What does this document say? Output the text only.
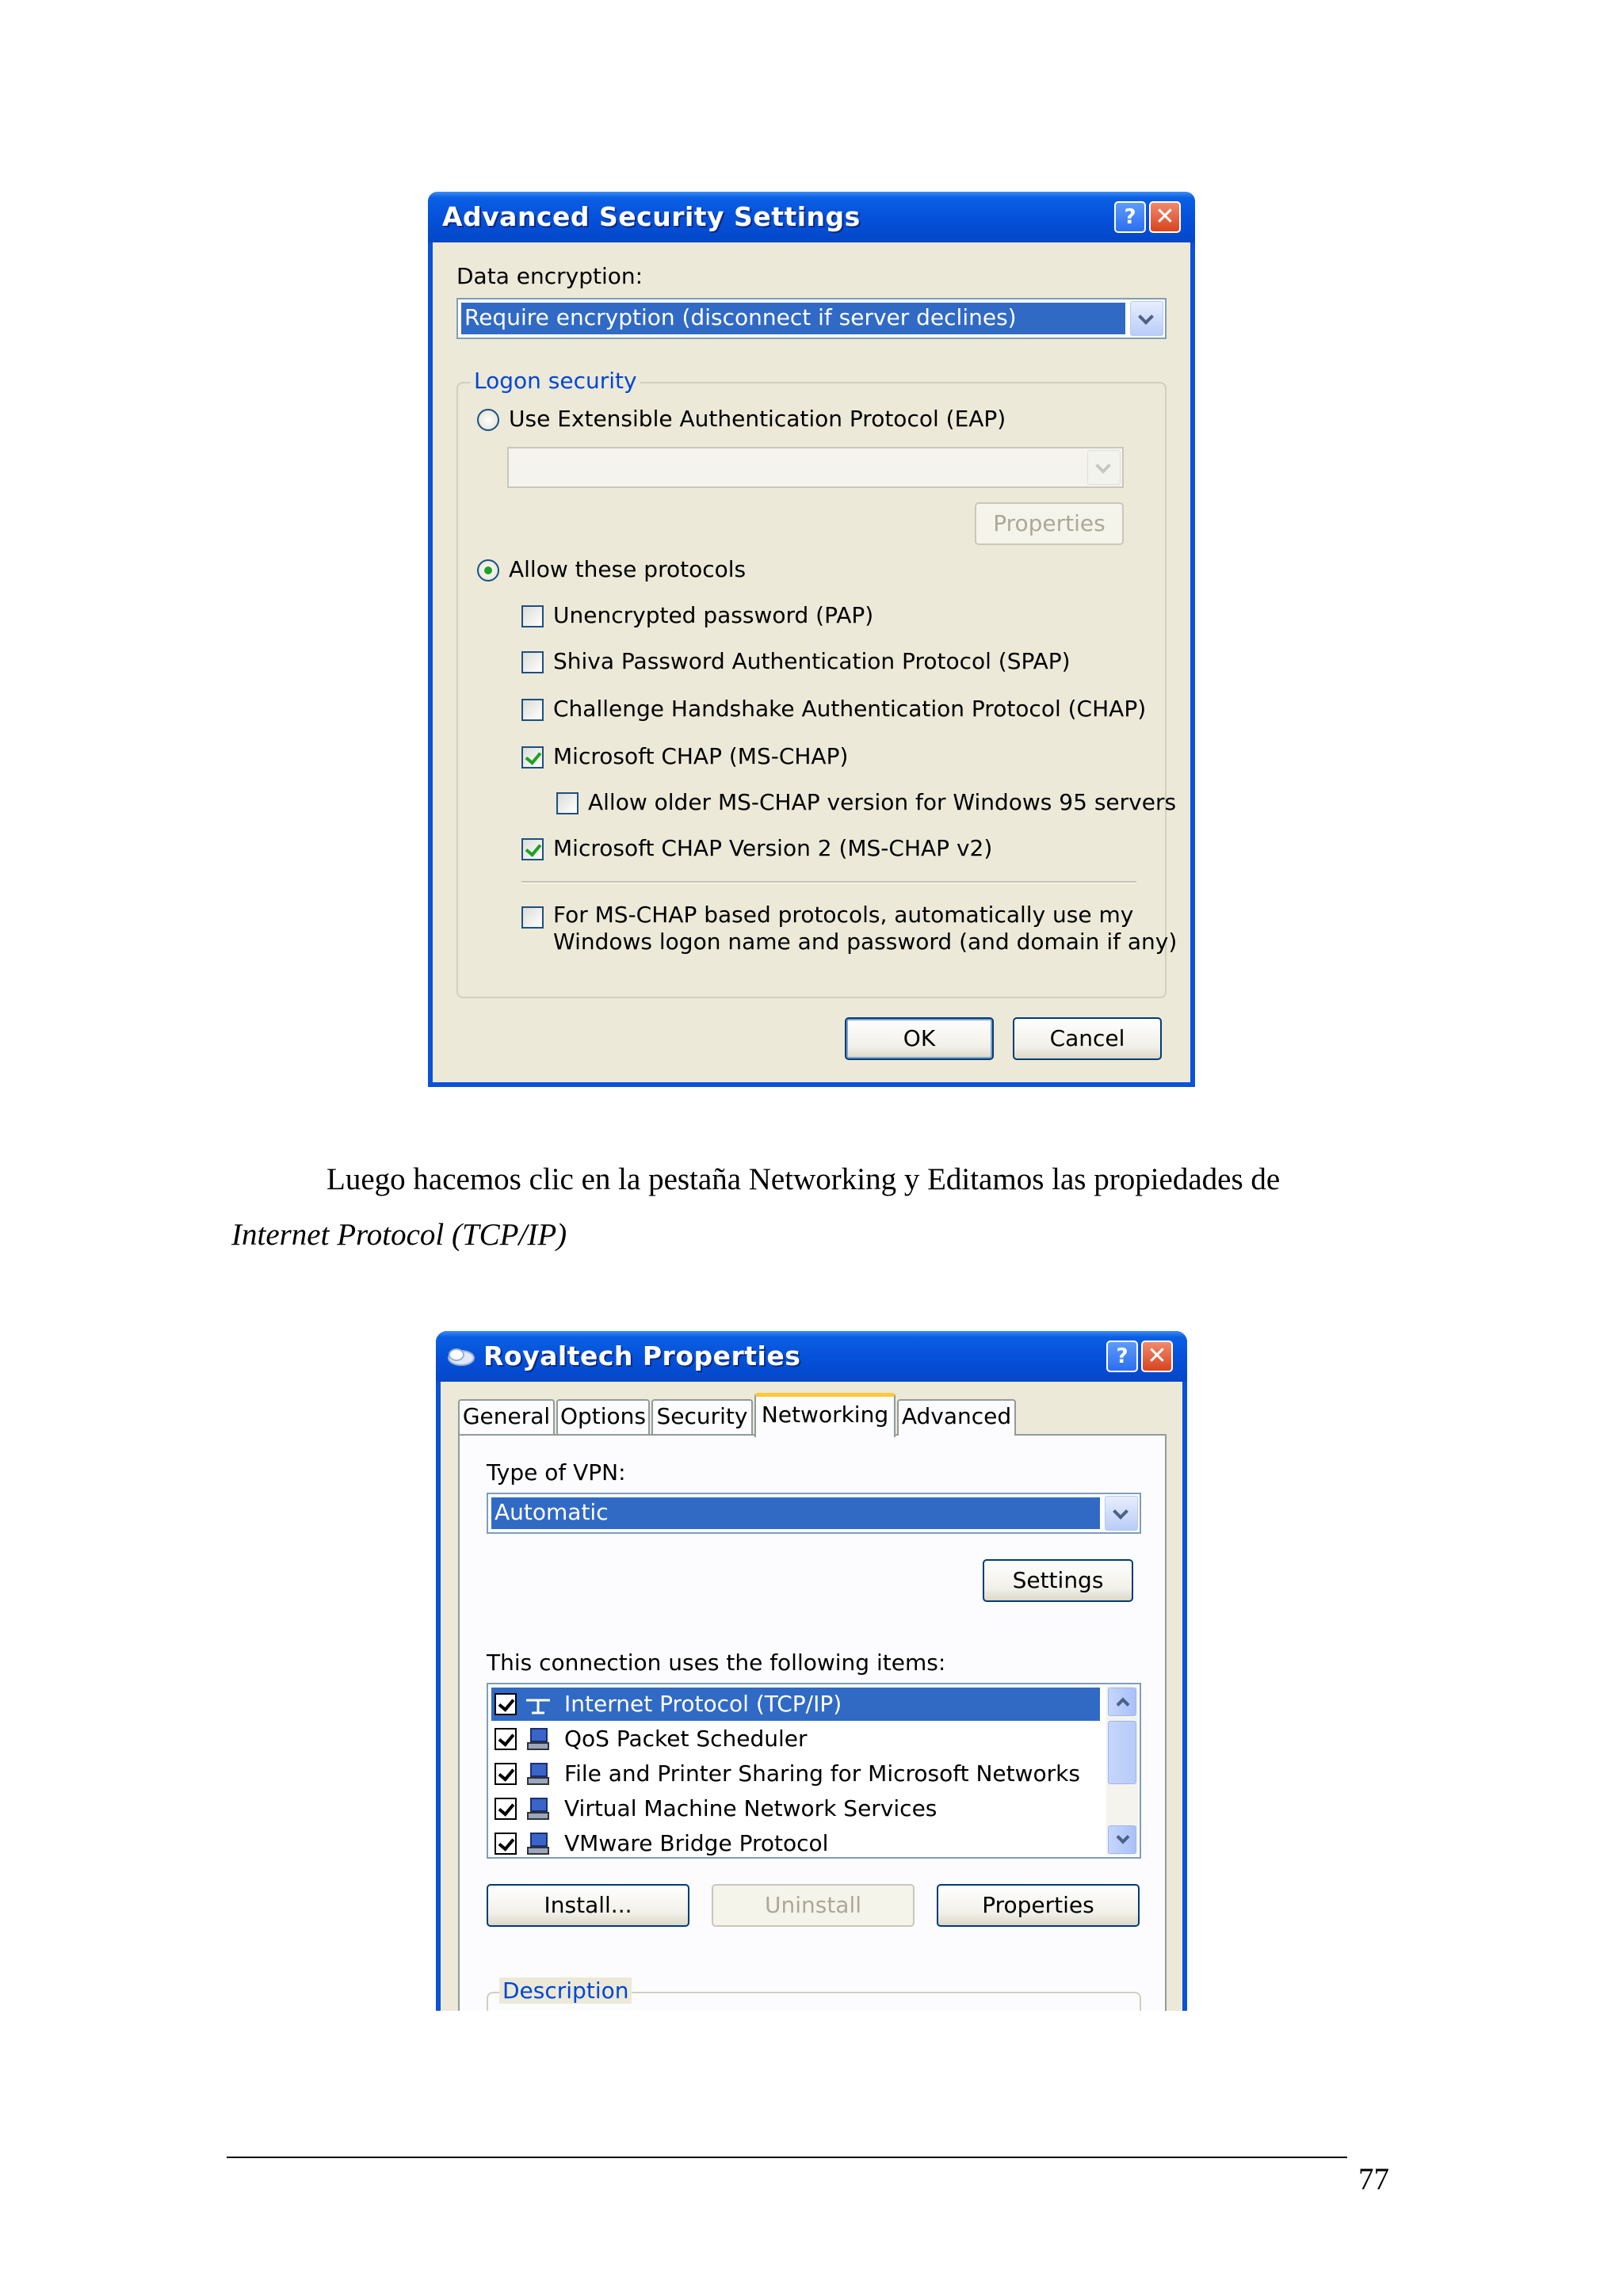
Advanced Security Settings	? ✕
Data encryption:
Require encryption (disconnect if server declines)
Logon security
Use Extensible Authentication Protocol (EAP)
Properties
Allow these protocols
Unencrypted password (PAP)
Shiva Password Authentication Protocol (SPAP)
Challenge Handshake Authentication Protocol (CHAP)
Microsoft CHAP (MS-CHAP)
Allow older MS-CHAP version for Windows 95 servers
Microsoft CHAP Version 2 (MS-CHAP v2)
For MS-CHAP based protocols, automatically use my
Windows logon name and password (and domain if any)
OK	Cancel
Luego hacemos clic en la pestaña Networking y Editamos las propiedades de
Internet Protocol (TCP/IP)
Royaltech Properties	? ✕
General Options Security Networking Advanced
Type of VPN:
Automatic
Settings
This connection uses the following items:
Internet Protocol (TCP/IP)
QoS Packet Scheduler
File and Printer Sharing for Microsoft Networks
Virtual Machine Network Services
VMware Bridge Protocol
Install...	Uninstall	Properties
Description
77
